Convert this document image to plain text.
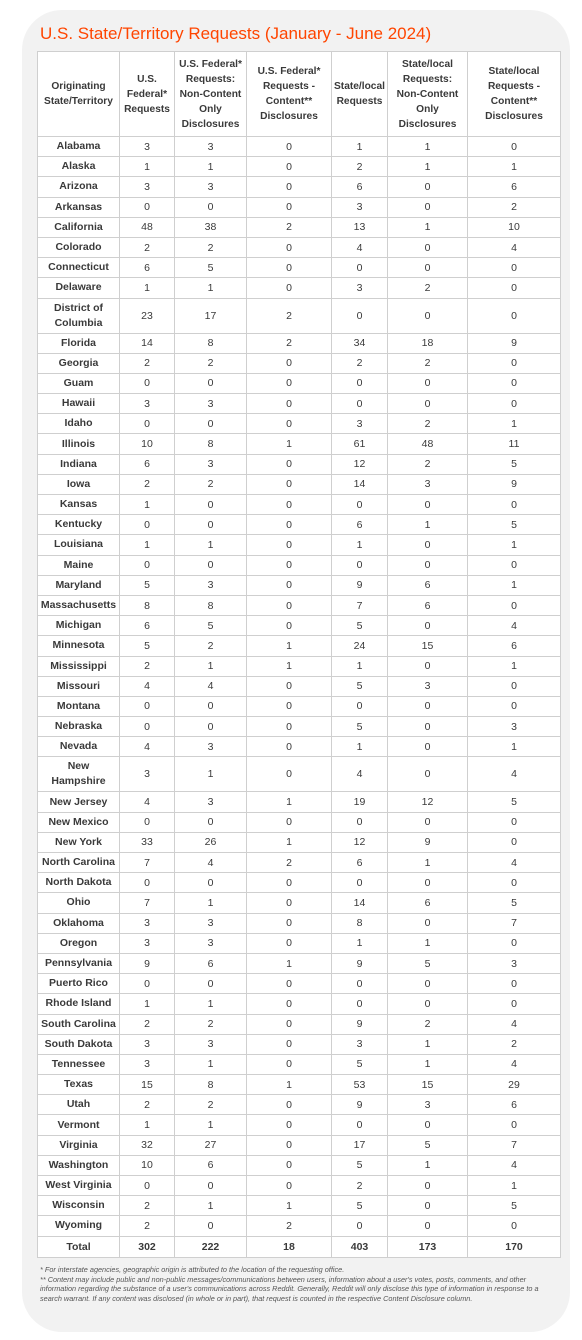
U.S. State/Territory Requests (January - June 2024)
Originating State/Territory	U.S. Federal* Requests	U.S. Federal* Requests: Non-Content Only Disclosures	U.S. Federal* Requests - Content** Disclosures	State/local Requests	State/local Requests: Non-Content Only Disclosures	State/local Requests - Content** Disclosures
Alabama	3	3	0	1	1	0
Alaska	1	1	0	2	1	1
Arizona	3	3	0	6	0	6
Arkansas	0	0	0	3	0	2
California	48	38	2	13	1	10
Colorado	2	2	0	4	0	4
Connecticut	6	5	0	0	0	0
Delaware	1	1	0	3	2	0
District of Columbia	23	17	2	0	0	0
Florida	14	8	2	34	18	9
Georgia	2	2	0	2	2	0
Guam	0	0	0	0	0	0
Hawaii	3	3	0	0	0	0
Idaho	0	0	0	3	2	1
Illinois	10	8	1	61	48	11
Indiana	6	3	0	12	2	5
Iowa	2	2	0	14	3	9
Kansas	1	0	0	0	0	0
Kentucky	0	0	0	6	1	5
Louisiana	1	1	0	1	0	1
Maine	0	0	0	0	0	0
Maryland	5	3	0	9	6	1
Massachusetts	8	8	0	7	6	0
Michigan	6	5	0	5	0	4
Minnesota	5	2	1	24	15	6
Mississippi	2	1	1	1	0	1
Missouri	4	4	0	5	3	0
Montana	0	0	0	0	0	0
Nebraska	0	0	0	5	0	3
Nevada	4	3	0	1	0	1
New Hampshire	3	1	0	4	0	4
New Jersey	4	3	1	19	12	5
New Mexico	0	0	0	0	0	0
New York	33	26	1	12	9	0
North Carolina	7	4	2	6	1	4
North Dakota	0	0	0	0	0	0
Ohio	7	1	0	14	6	5
Oklahoma	3	3	0	8	0	7
Oregon	3	3	0	1	1	0
Pennsylvania	9	6	1	9	5	3
Puerto Rico	0	0	0	0	0	0
Rhode Island	1	1	0	0	0	0
South Carolina	2	2	0	9	2	4
South Dakota	3	3	0	3	1	2
Tennessee	3	1	0	5	1	4
Texas	15	8	1	53	15	29
Utah	2	2	0	9	3	6
Vermont	1	1	0	0	0	0
Virginia	32	27	0	17	5	7
Washington	10	6	0	5	1	4
West Virginia	0	0	0	2	0	1
Wisconsin	2	1	1	5	0	5
Wyoming	2	0	2	0	0	0
Total	302	222	18	403	173	170

* For interstate agencies, geographic origin is attributed to the location of the requesting office.

** Content may include public and non-public messages/communications between users, information about a user's votes, posts, comments, and other information regarding the substance of a user's communications across Reddit. Generally, Reddit will only disclose this type of information in response to a search warrant. If any content was disclosed (in whole or in part), that request is counted in the respective Content Disclosure column.
